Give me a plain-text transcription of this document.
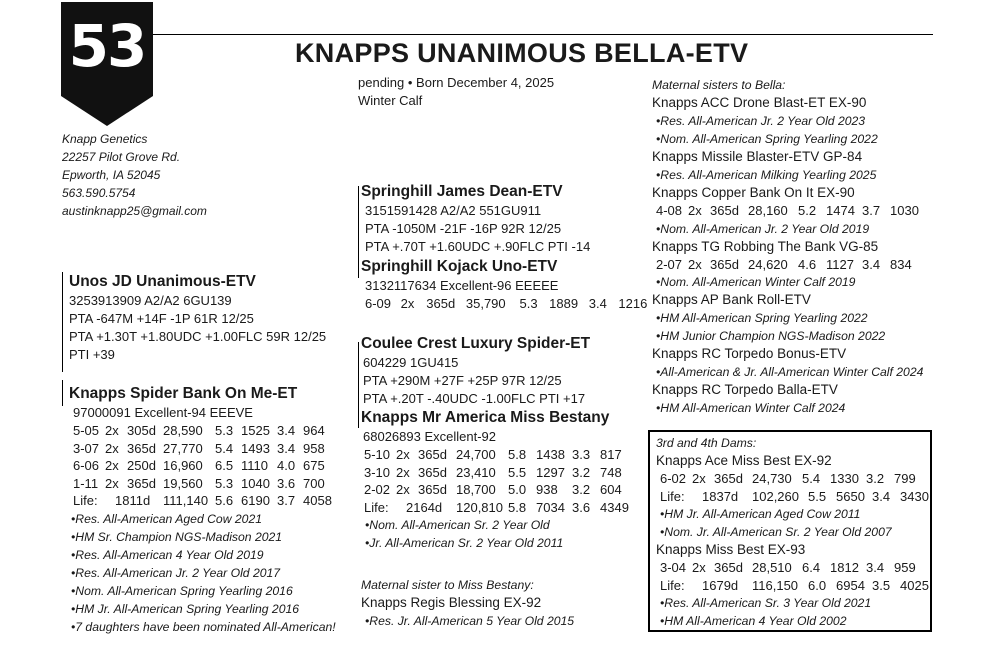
53	KNAPPS UNANIMOUS BELLA-ETV
pending • Born December 4, 2025
Winter Calf
Knapp Genetics
22257 Pilot Grove Rd.
Epworth, IA 52045
563.590.5754
austinknapp25@gmail.com
Unos JD Unanimous-ETV
3253913909 A2/A2 6GU139
PTA -647M +14F -1P 61R 12/25
PTA +1.30T +1.80UDC +1.00FLC 59R 12/25
PTI +39
Springhill James Dean-ETV
3151591428 A2/A2 551GU911
PTA -1050M -21F -16P 92R 12/25
PTA +.70T +1.60UDC +.90FLC PTI -14
Springhill Kojack Uno-ETV
3132117634 Excellent-96 EEEEE
6-09 2x 365d 35,790 5.3 1889 3.4 1216
Knapps Spider Bank On Me-ET
97000091 Excellent-94 EEEVE
5-05 2x 305d 28,590 5.3 1525 3.4 964
3-07 2x 365d 27,770 5.4 1493 3.4 958
6-06 2x 250d 16,960 6.5 1110 4.0 675
1-11 2x 365d 19,560 5.3 1040 3.6 700
Life: 1811d 111,140 5.6 6190 3.7 4058
•Res. All-American Aged Cow 2021
•HM Sr. Champion NGS-Madison 2021
•Res. All-American 4 Year Old 2019
•Res. All-American Jr. 2 Year Old 2017
•Nom. All-American Spring Yearling 2016
•HM Jr. All-American Spring Yearling 2016
•7 daughters have been nominated All-American!
Coulee Crest Luxury Spider-ET
604229 1GU415
PTA +290M +27F +25P 97R 12/25
PTA +.20T -.40UDC -1.00FLC PTI +17
Knapps Mr America Miss Bestany
68026893 Excellent-92
5-10 2x 365d 24,700 5.8 1438 3.3 817
3-10 2x 365d 23,410 5.5 1297 3.2 748
2-02 2x 365d 18,700 5.0 938 3.2 604
Life: 2164d 120,810 5.8 7034 3.6 4349
•Nom. All-American Sr. 2 Year Old
•Jr. All-American Sr. 2 Year Old 2011
Maternal sister to Miss Bestany:
Knapps Regis Blessing EX-92
•Res. Jr. All-American 5 Year Old 2015
Maternal sisters to Bella:
Knapps ACC Drone Blast-ET EX-90
•Res. All-American Jr. 2 Year Old 2023
•Nom. All-American Spring Yearling 2022
Knapps Missile Blaster-ETV GP-84
•Res. All-American Milking Yearling 2025
Knapps Copper Bank On It EX-90
4-08 2x 365d 28,160 5.2 1474 3.7 1030
•Nom. All-American Jr. 2 Year Old 2019
Knapps TG Robbing The Bank VG-85
2-07 2x 365d 24,620 4.6 1127 3.4 834
•Nom. All-American Winter Calf 2019
Knapps AP Bank Roll-ETV
•HM All-American Spring Yearling 2022
•HM Junior Champion NGS-Madison 2022
Knapps RC Torpedo Bonus-ETV
•All-American & Jr. All-American Winter Calf 2024
Knapps RC Torpedo Balla-ETV
•HM All-American Winter Calf 2024
3rd and 4th Dams:
Knapps Ace Miss Best EX-92
6-02 2x 365d 24,730 5.4 1330 3.2 799
Life: 1837d 102,260 5.5 5650 3.4 3430
•HM Jr. All-American Aged Cow 2011
•Nom. Jr. All-American Sr. 2 Year Old 2007
Knapps Miss Best EX-93
3-04 2x 365d 28,510 6.4 1812 3.4 959
Life: 1679d 116,150 6.0 6954 3.5 4025
•Res. All-American Sr. 3 Year Old 2021
•HM All-American 4 Year Old 2002
